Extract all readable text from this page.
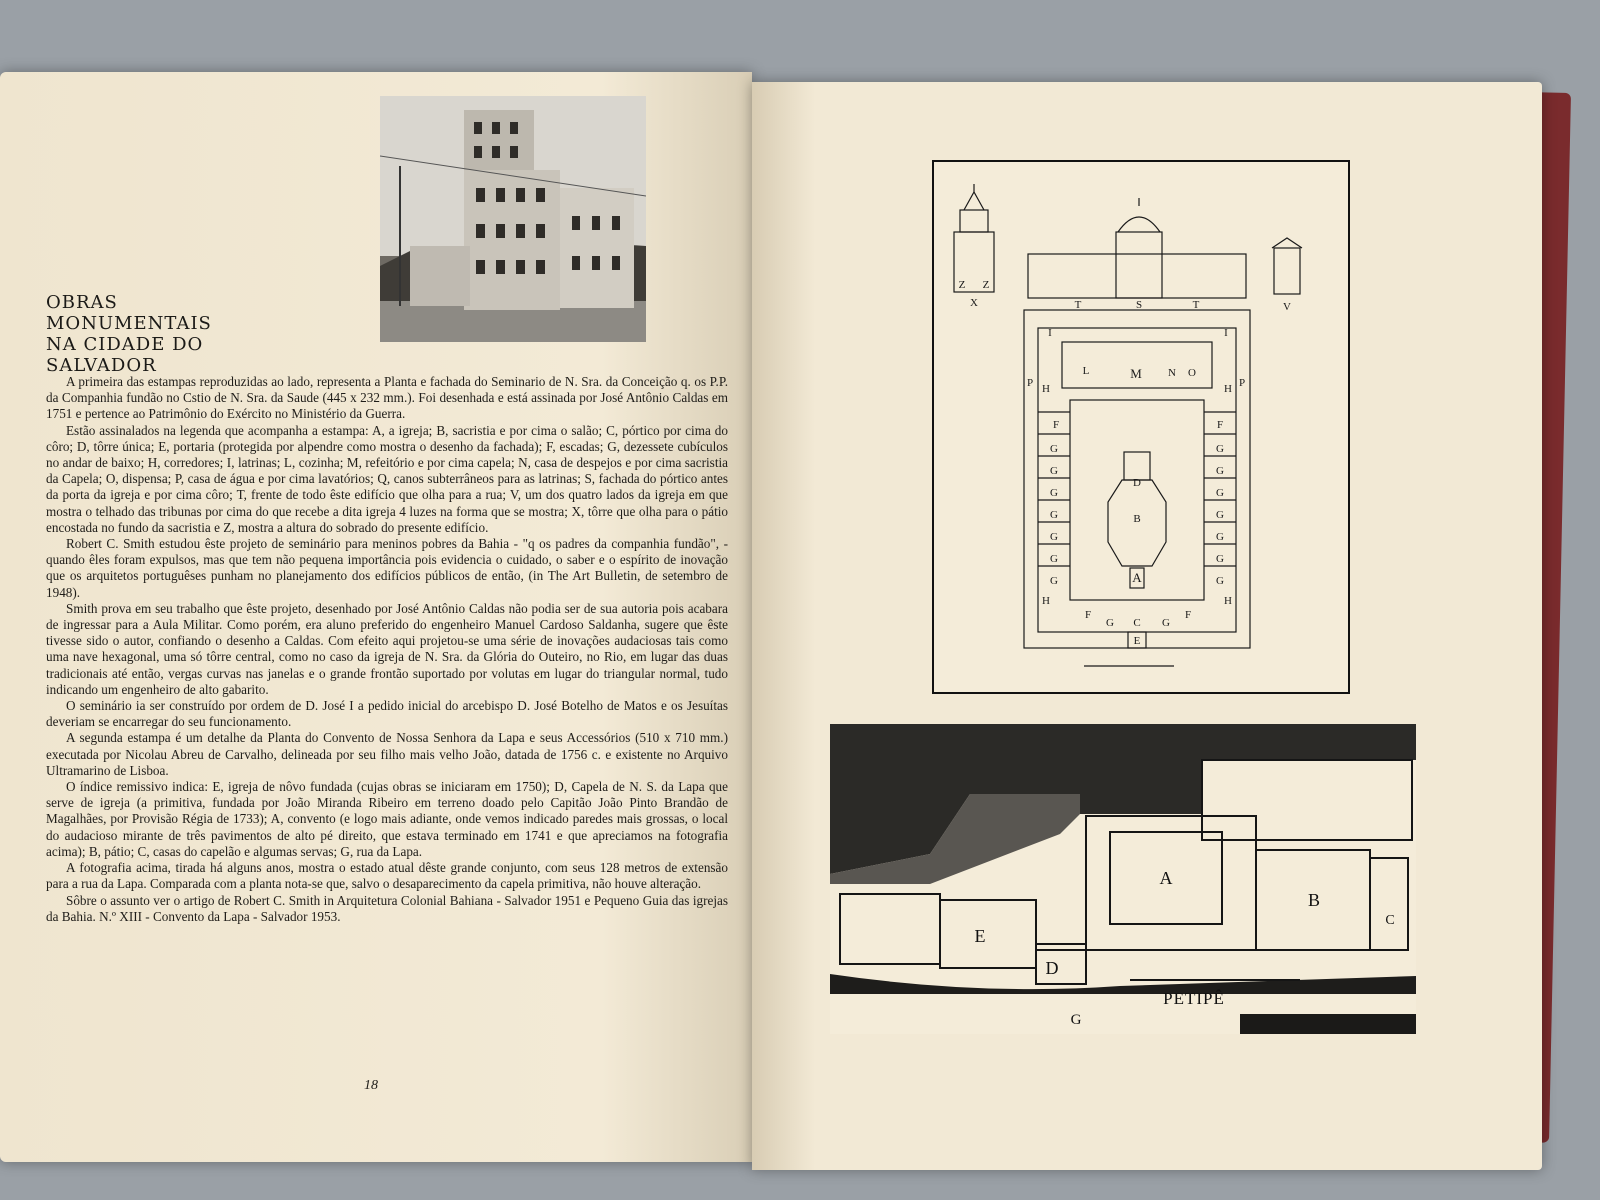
OBRAS MONUMENTAIS
NA CIDADE DO
SALVADOR

A primeira das estampas reproduzidas ao lado, representa a Planta e fachada do Seminario de N. Sra. da Conceição q. os P.P. da Companhia fundão no Cstio de N. Sra. da Saude (445 x 232 mm.). Foi desenhada e está assinada por José Antônio Caldas em 1751 e pertence ao Patrimônio do Exército no Ministério da Guerra.

Estão assinalados na legenda que acompanha a estampa: A, a igreja; B, sacristia e por cima o salão; C, pórtico por cima do côro; D, tôrre única; E, portaria (protegida por alpendre como mostra o desenho da fachada); F, escadas; G, dezessete cubículos no andar de baixo; H, corredores; I, latrinas; L, cozinha; M, refeitório e por cima capela; N, casa de despejos e por cima sacristia da Capela; O, dispensa; P, casa de água e por cima lavatórios; Q, canos subterrâneos para as latrinas; S, fachada do pórtico antes da porta da igreja e por cima côro; T, frente de todo êste edifício que olha para a rua; V, um dos quatro lados da igreja em que mostra o telhado das tribunas por cima do que recebe a dita igreja 4 luzes na forma que se mostra; X, tôrre que olha para o pátio encostada no fundo da sacristia e Z, mostra a altura do sobrado do presente edifício.

Robert C. Smith estudou êste projeto de seminário para meninos pobres da Bahia - "q os padres da companhia fundão", - quando êles foram expulsos, mas que tem não pequena importância pois evidencia o cuidado, o saber e o espírito de inovação que os arquitetos portuguêses punham no planejamento dos edifícios públicos de então, (in The Art Bulletin, de setembro de 1948).

Smith prova em seu trabalho que êste projeto, desenhado por José Antônio Caldas não podia ser de sua autoria pois acabara de ingressar para a Aula Militar. Como porém, era aluno preferido do engenheiro Manuel Cardoso Saldanha, sugere que êste tivesse sido o autor, confiando o desenho a Caldas. Com efeito aqui projetou-se uma série de inovações audaciosas tais como uma nave hexagonal, uma só tôrre central, como no caso da igreja de N. Sra. da Glória do Outeiro, no Rio, em lugar das duas tradicionais até então, vergas curvas nas janelas e o grande frontão suportado por volutas em lugar do triangular normal, tudo indicando um engenheiro de alto gabarito.

O seminário ia ser construído por ordem de D. José I a pedido inicial do arcebispo D. José Botelho de Matos e os Jesuítas deveriam se encarregar do seu funcionamento.

A segunda estampa é um detalhe da Planta do Convento de Nossa Senhora da Lapa e seus Accessórios (510 x 710 mm.) executada por Nicolau Abreu de Carvalho, delineada por seu filho mais velho João, datada de 1756 c. e existente no Arquivo Ultramarino de Lisboa.

O índice remissivo indica: E, igreja de nôvo fundada (cujas obras se iniciaram em 1750); D, Capela de N. S. da Lapa que serve de igreja (a primitiva, fundada por João Miranda Ribeiro em terreno doado pelo Capitão João Pinto Brandão de Magalhães, por Provisão Régia de 1733); A, convento (e logo mais adiante, onde vemos indicado paredes mais grossas, o local do audacioso mirante de três pavimentos de alto pé direito, que estava terminado em 1741 e que apreciamos na fotografia acima); B, pátio; C, casas do capelão e algumas servas; G, rua da Lapa.

A fotografia acima, tirada há alguns anos, mostra o estado atual dêste grande conjunto, com seus 128 metros de extensão para a rua da Lapa. Comparada com a planta nota-se que, salvo o desaparecimento da capela primitiva, não houve alteração.

Sôbre o assunto ver o artigo de Robert C. Smith in Arquitetura Colonial Bahiana - Salvador 1951 e Pequeno Guia das igrejas da Bahia. N.º XIII - Convento da Lapa - Salvador 1953.

18
Z Z
X	T	S	T	V
I	I
L	M N O
P	P
H	H
H	H
F	F
F	F
D
B
A
C
E
G
G
G
G
G
G
G
G
G
G
G
G
G
G
G	G
A
B
C
D
E
G
PETIPÊ
